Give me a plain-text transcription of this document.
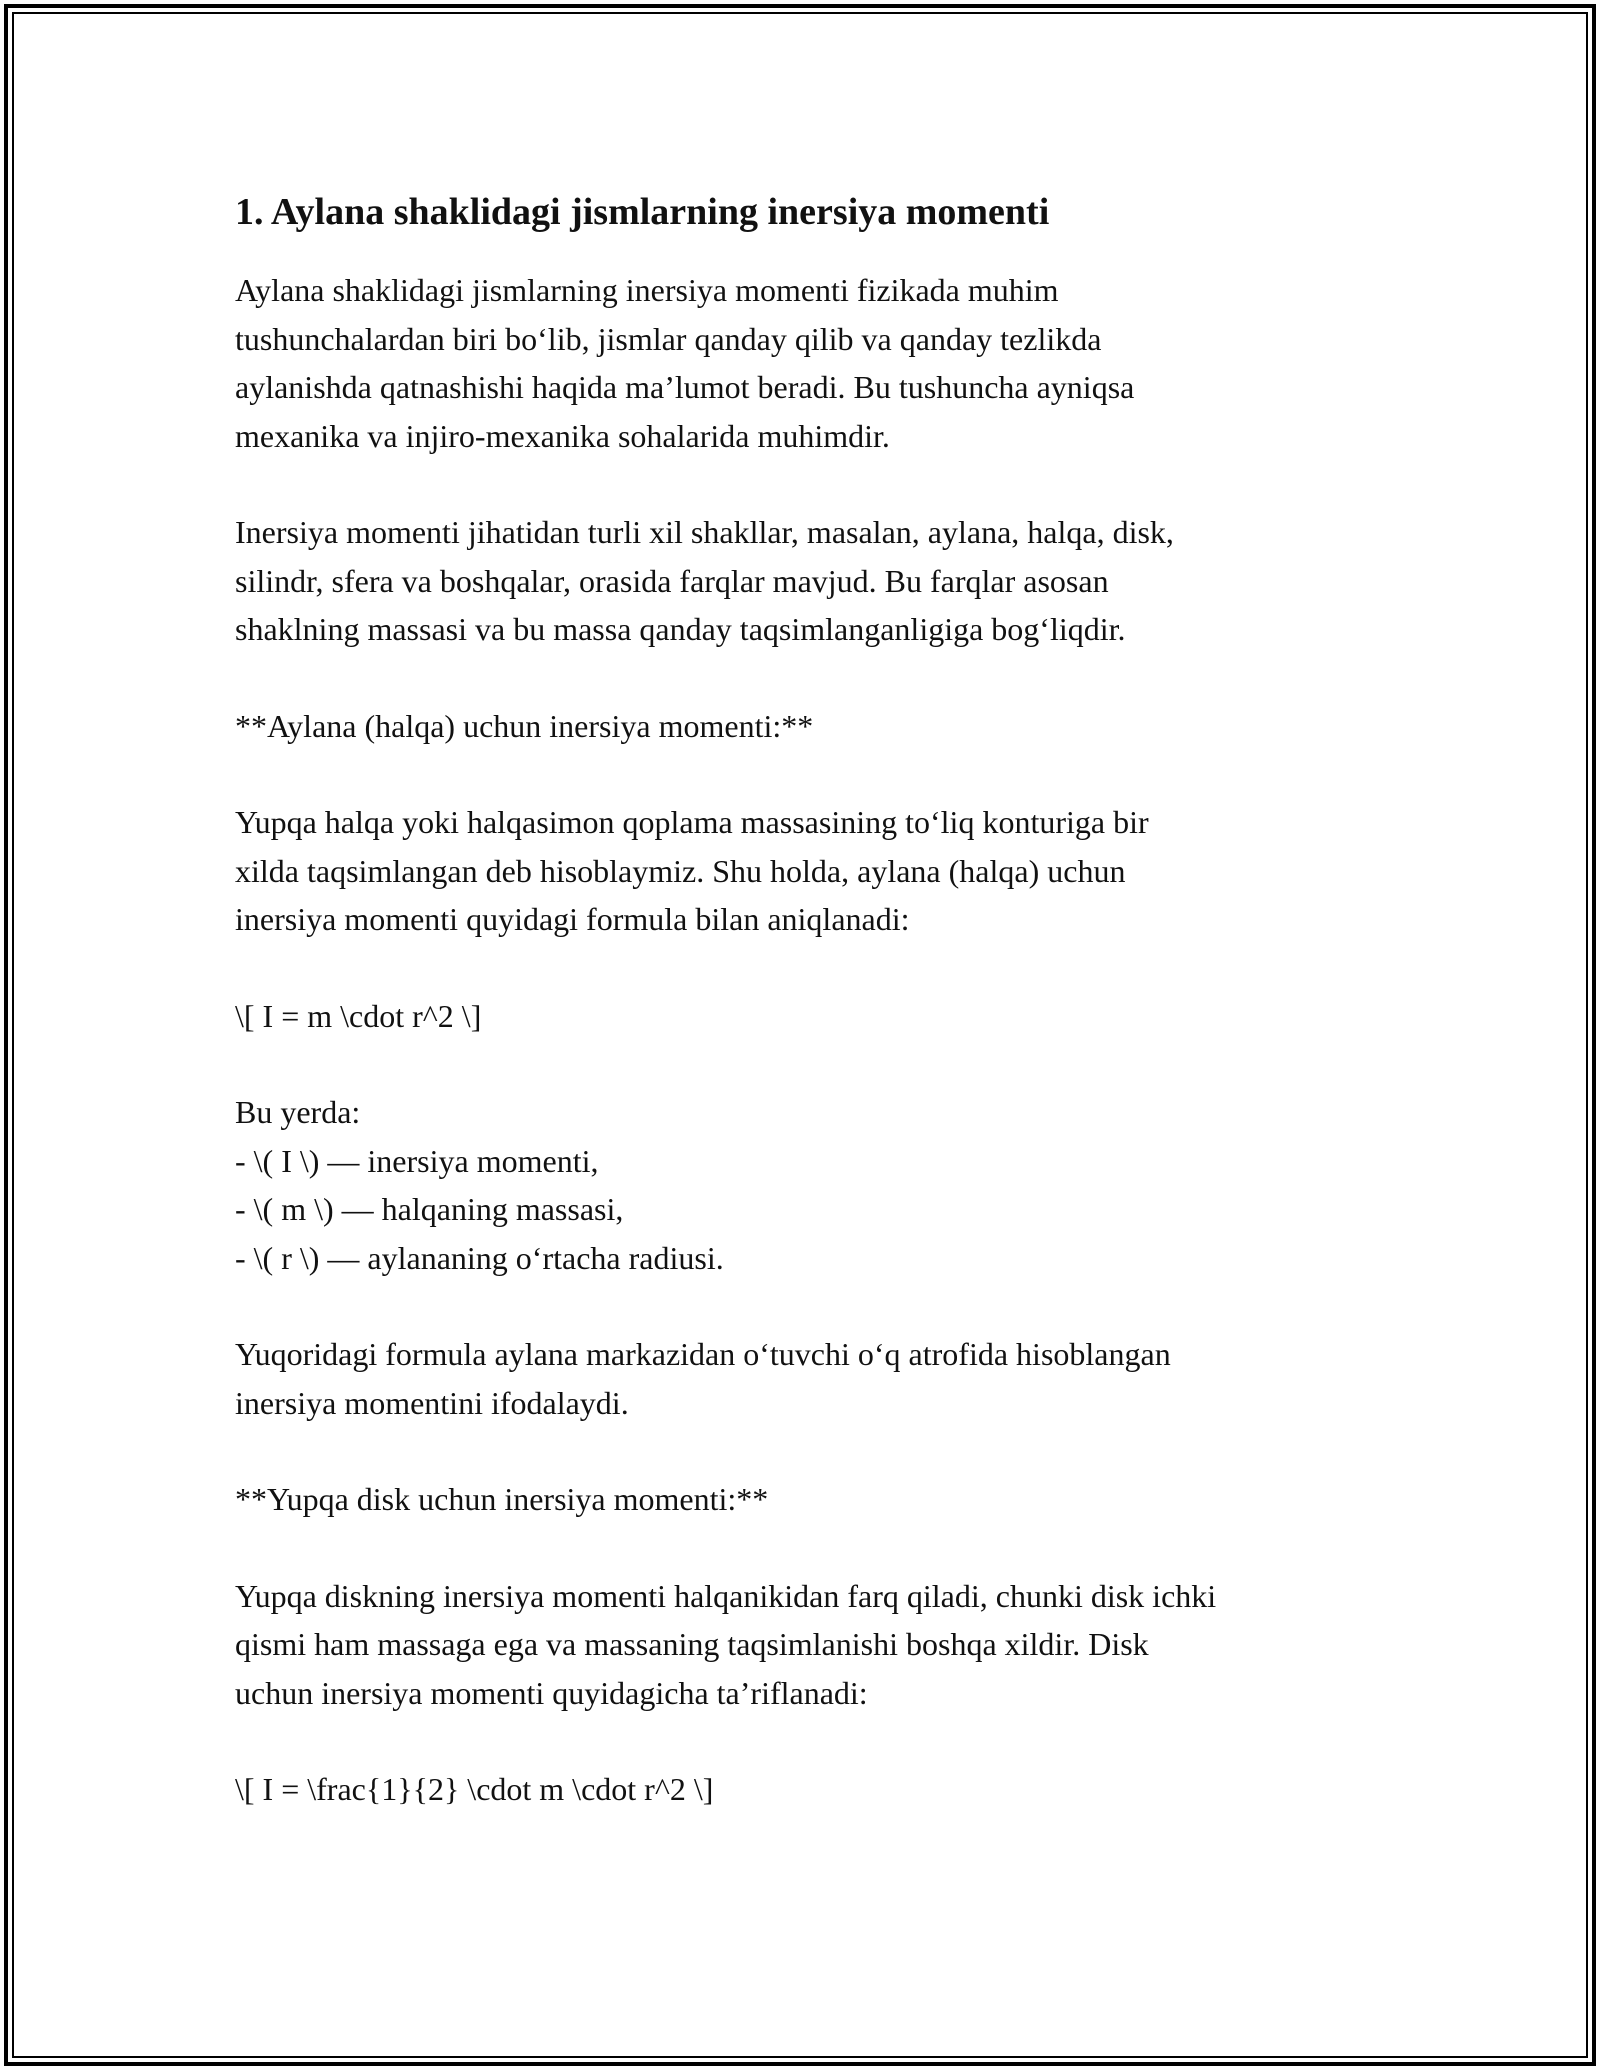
1. Aylana shaklidagi jismlarning inersiya momenti

Aylana shaklidagi jismlarning inersiya momenti fizikada muhim
tushunchalardan biri bo‘lib, jismlar qanday qilib va qanday tezlikda
aylanishda qatnashishi haqida ma’lumot beradi. Bu tushuncha ayniqsa
mexanika va injiro-mexanika sohalarida muhimdir.

Inersiya momenti jihatidan turli xil shakllar, masalan, aylana, halqa, disk,
silindr, sfera va boshqalar, orasida farqlar mavjud. Bu farqlar asosan
shaklning massasi va bu massa qanday taqsimlanganligiga bog‘liqdir.

**Aylana (halqa) uchun inersiya momenti:**

Yupqa halqa yoki halqasimon qoplama massasining to‘liq konturiga bir
xilda taqsimlangan deb hisoblaymiz. Shu holda, aylana (halqa) uchun
inersiya momenti quyidagi formula bilan aniqlanadi:

\[ I = m \cdot r^2 \]

Bu yerda:
- \( I \) — inersiya momenti,
- \( m \) — halqaning massasi,
- \( r \) — aylananing o‘rtacha radiusi.

Yuqoridagi formula aylana markazidan o‘tuvchi o‘q atrofida hisoblangan
inersiya momentini ifodalaydi.

**Yupqa disk uchun inersiya momenti:**

Yupqa diskning inersiya momenti halqanikidan farq qiladi, chunki disk ichki
qismi ham massaga ega va massaning taqsimlanishi boshqa xildir. Disk
uchun inersiya momenti quyidagicha ta’riflanadi:

\[ I = \frac{1}{2} \cdot m \cdot r^2 \]
